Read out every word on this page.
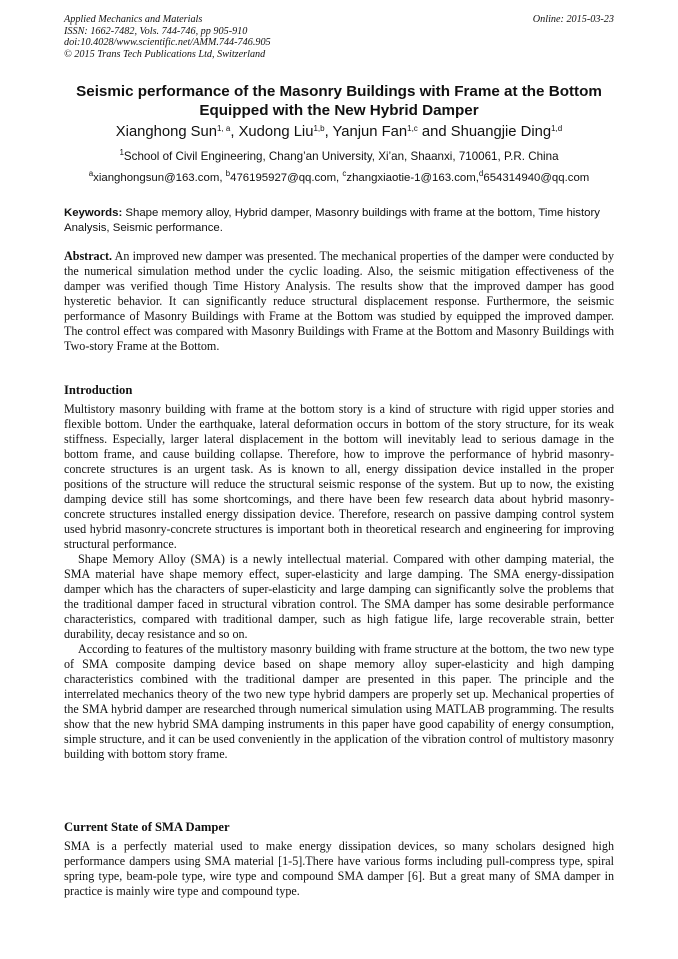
Applied Mechanics and Materials
ISSN: 1662-7482, Vols. 744-746, pp 905-910
doi:10.4028/www.scientific.net/AMM.744-746.905
© 2015 Trans Tech Publications Ltd, Switzerland
Online: 2015-03-23
Seismic performance of the Masonry Buildings with Frame at the Bottom
Equipped with the New Hybrid Damper
Xianghong Sun$^{1, a}$, Xudong Liu$^{1,b}$, Yanjun Fan$^{1,c}$ and Shuangjie Ding$^{1,d}$
$^1$School of Civil Engineering, Chang’an University, Xi’an, Shaanxi, 710061, P.R. China
$^a$xianghongsun@163.com, $^b$476195927@qq.com, $^c$zhangxiaotie-1@163.com,$^d$654314940@qq.com
Keywords: Shape memory alloy, Hybrid damper, Masonry buildings with frame at the bottom, Time history Analysis, Seismic performance.

Abstract. An improved new damper was presented. The mechanical properties of the damper were conducted by the numerical simulation method under the cyclic loading. Also, the seismic mitigation effectiveness of the damper was verified though Time History Analysis. The results show that the improved damper has good hysteretic behavior. It can significantly reduce structural displacement response. Furthermore, the seismic performance of Masonry Buildings with Frame at the Bottom was studied by equipped the improved damper. The control effect was compared with Masonry Buildings with Frame at the Bottom and Masonry Buildings with Two-story Frame at the Bottom.

Introduction

Multistory masonry building with frame at the bottom story is a kind of structure with rigid upper stories and flexible bottom. Under the earthquake, lateral deformation occurs in bottom of the story structure, for its weak stiffness. Especially, larger lateral displacement in the bottom will inevitably lead to serious damage in the bottom frame, and cause building collapse. Therefore, how to improve the performance of hybrid masonry-concrete structures is an urgent task. As is known to all, energy dissipation device installed in the proper positions of the structure will reduce the structural seismic response of the system. But up to now, the existing damping device still has some shortcomings, and there have been few research data about hybrid masonry-concrete structures installed energy dissipation device. Therefore, research on passive damping control system used hybrid masonry-concrete structures is important both in theoretical research and engineering for improving structural performance.

Shape Memory Alloy (SMA) is a newly intellectual material. Compared with other damping material, the SMA material have shape memory effect, super-elasticity and large damping. The SMA energy-dissipation damper which has the characters of super-elasticity and large damping can significantly solve the problems that the traditional damper faced in structural vibration control. The SMA damper has some desirable performance characteristics, compared with traditional damper, such as high fatigue life, large recoverable strain, better durability, decay resistance and so on.

According to features of the multistory masonry building with frame structure at the bottom, the two new type of SMA composite damping device based on shape memory alloy super-elasticity and high damping characteristics combined with the traditional damper are presented in this paper. The principle and the interrelated mechanics theory of the two new type hybrid dampers are properly set up. Mechanical properties of the SMA hybrid damper are researched through numerical simulation using MATLAB programming. The results show that the new hybrid SMA damping instruments in this paper have good capability of energy consumption, simple structure, and it can be used conveniently in the application of the vibration control of multistory masonry building with bottom story frame.

Current State of SMA Damper

SMA is a perfectly material used to make energy dissipation devices, so many scholars designed high performance dampers using SMA material [1-5].There have various forms including pull-compress type, spiral spring type, beam-pole type, wire type and compound SMA damper [6]. But a great many of SMA damper in practice is mainly wire type and compound type.
